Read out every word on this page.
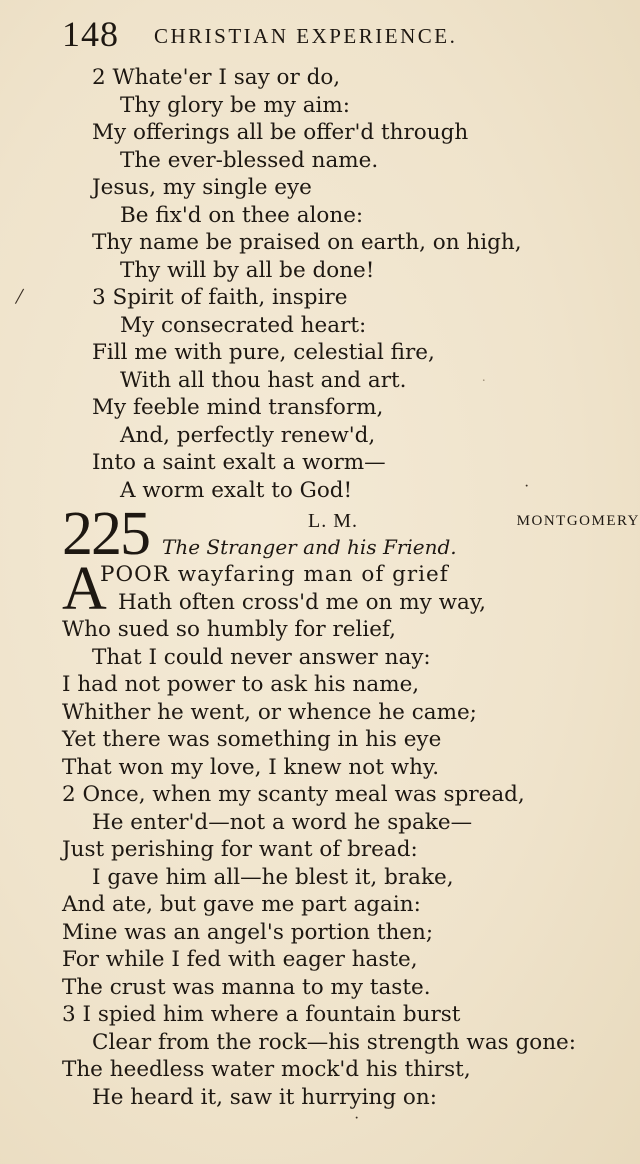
148 CHRISTIAN EXPERIENCE.
2 Whate'er I say or do,
Thy glory be my aim:
My offerings all be offer'd through
The ever-blessed name.
Jesus, my single eye
Be fix'd on thee alone:
Thy name be praised on earth, on high,
Thy will by all be done!
3 Spirit of faith, inspire
My consecrated heart:
Fill me with pure, celestial fire,
With all thou hast and art.
My feeble mind transform,
And, perfectly renew'd,
Into a saint exalt a worm—
A worm exalt to God!
225	L. M.	MONTGOMERY
The Stranger and his Friend.
A
POOR wayfaring man of grief
Hath often cross'd me on my way,
Who sued so humbly for relief,
That I could never answer nay:
I had not power to ask his name,
Whither he went, or whence he came;
Yet there was something in his eye
That won my love, I knew not why.
2 Once, when my scanty meal was spread,
He enter'd—not a word he spake—
Just perishing for want of bread:
I gave him all—he blest it, brake,
And ate, but gave me part again:
Mine was an angel's portion then;
For while I fed with eager haste,
The crust was manna to my taste.
3 I spied him where a fountain burst
Clear from the rock—his strength was gone:
The heedless water mock'd his thirst,
He heard it, saw it hurrying on:
/
.
·
·
